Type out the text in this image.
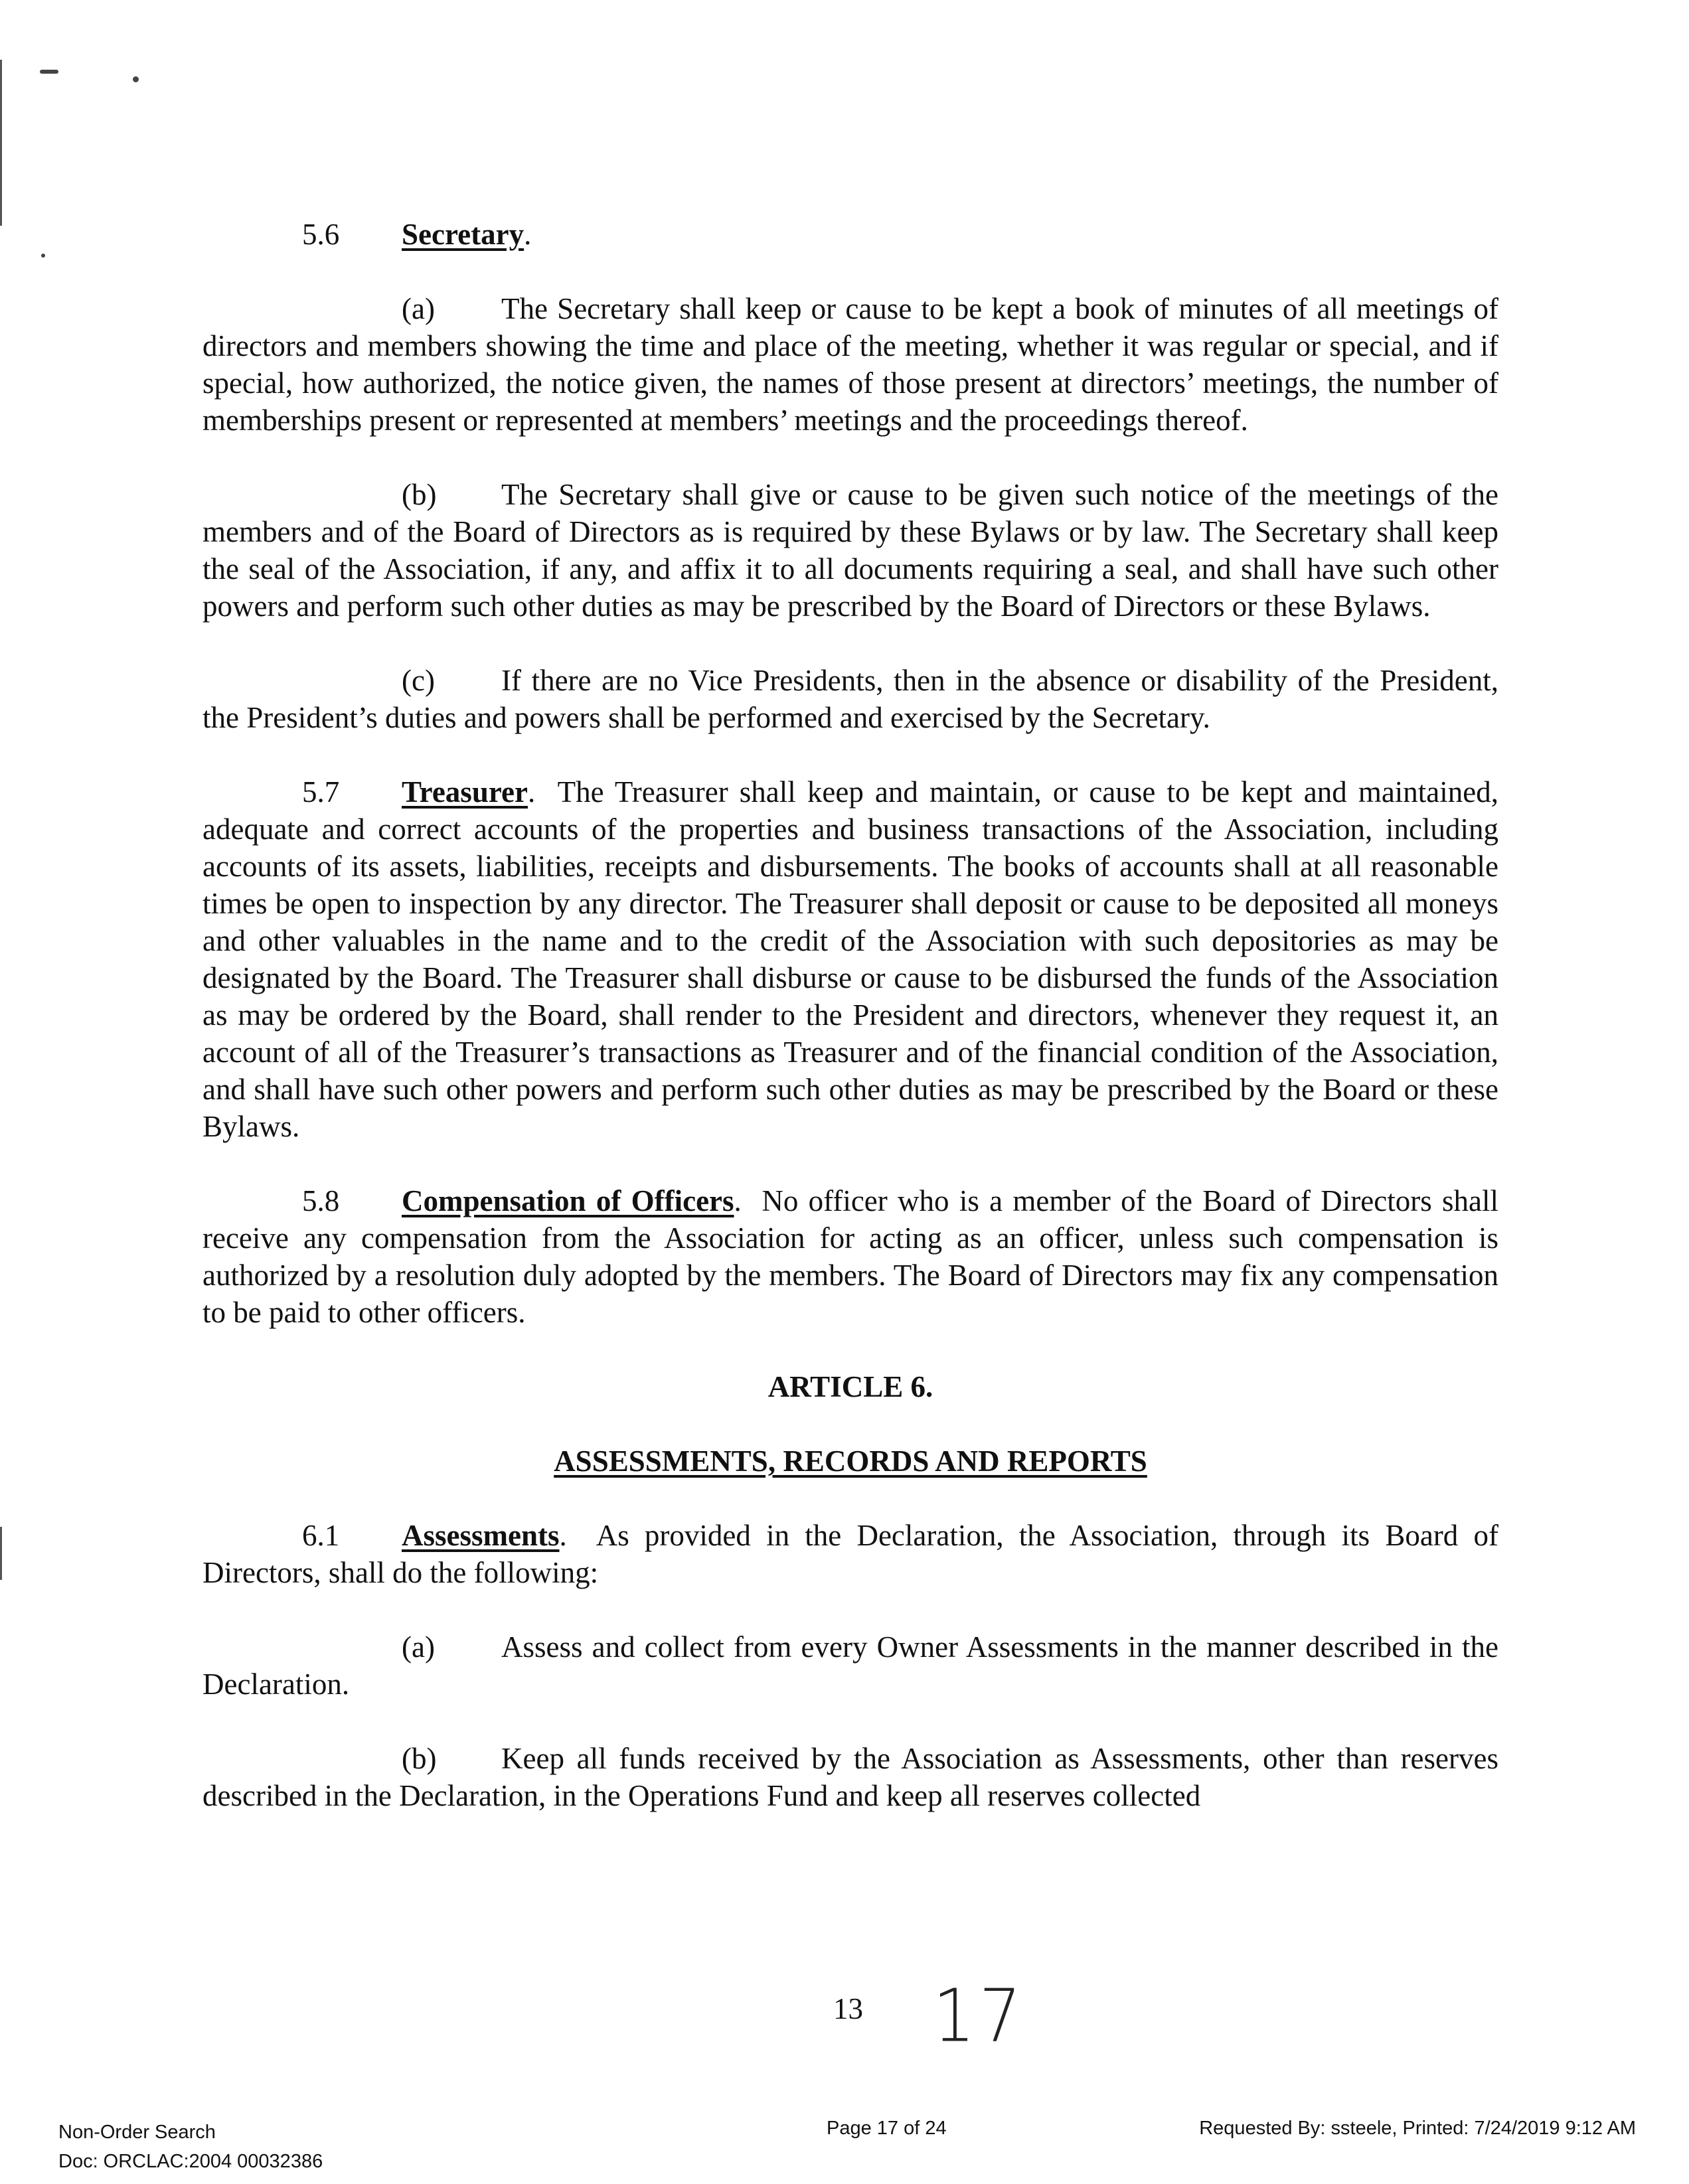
5.6 Secretary.

(a) The Secretary shall keep or cause to be kept a book of minutes of all meetings of directors and members showing the time and place of the meeting, whether it was regular or special, and if special, how authorized, the notice given, the names of those present at directors’ meetings, the number of memberships present or represented at members’ meetings and the proceedings thereof.

(b) The Secretary shall give or cause to be given such notice of the meetings of the members and of the Board of Directors as is required by these Bylaws or by law. The Secretary shall keep the seal of the Association, if any, and affix it to all documents requiring a seal, and shall have such other powers and perform such other duties as may be prescribed by the Board of Directors or these Bylaws.

(c) If there are no Vice Presidents, then in the absence or disability of the President, the President’s duties and powers shall be performed and exercised by the Secretary.

5.7 Treasurer. The Treasurer shall keep and maintain, or cause to be kept and maintained, adequate and correct accounts of the properties and business transactions of the Association, including accounts of its assets, liabilities, receipts and disbursements. The books of accounts shall at all reasonable times be open to inspection by any director. The Treasurer shall deposit or cause to be deposited all moneys and other valuables in the name and to the credit of the Association with such depositories as may be designated by the Board. The Treasurer shall disburse or cause to be disbursed the funds of the Association as may be ordered by the Board, shall render to the President and directors, whenever they request it, an account of all of the Treasurer’s transactions as Treasurer and of the financial condition of the Association, and shall have such other powers and perform such other duties as may be prescribed by the Board or these Bylaws.

5.8 Compensation of Officers. No officer who is a member of the Board of Directors shall receive any compensation from the Association for acting as an officer, unless such compensation is authorized by a resolution duly adopted by the members. The Board of Directors may fix any compensation to be paid to other officers.

ARTICLE 6.

ASSESSMENTS, RECORDS AND REPORTS

6.1 Assessments. As provided in the Declaration, the Association, through its Board of Directors, shall do the following:

(a) Assess and collect from every Owner Assessments in the manner described in the Declaration.

(b) Keep all funds received by the Association as Assessments, other than reserves described in the Declaration, in the Operations Fund and keep all reserves collected

13 17
Non-Order Search
Doc: ORCLAC:2004 00032386
Page 17 of 24	Requested By: ssteele, Printed: 7/24/2019 9:12 AM
